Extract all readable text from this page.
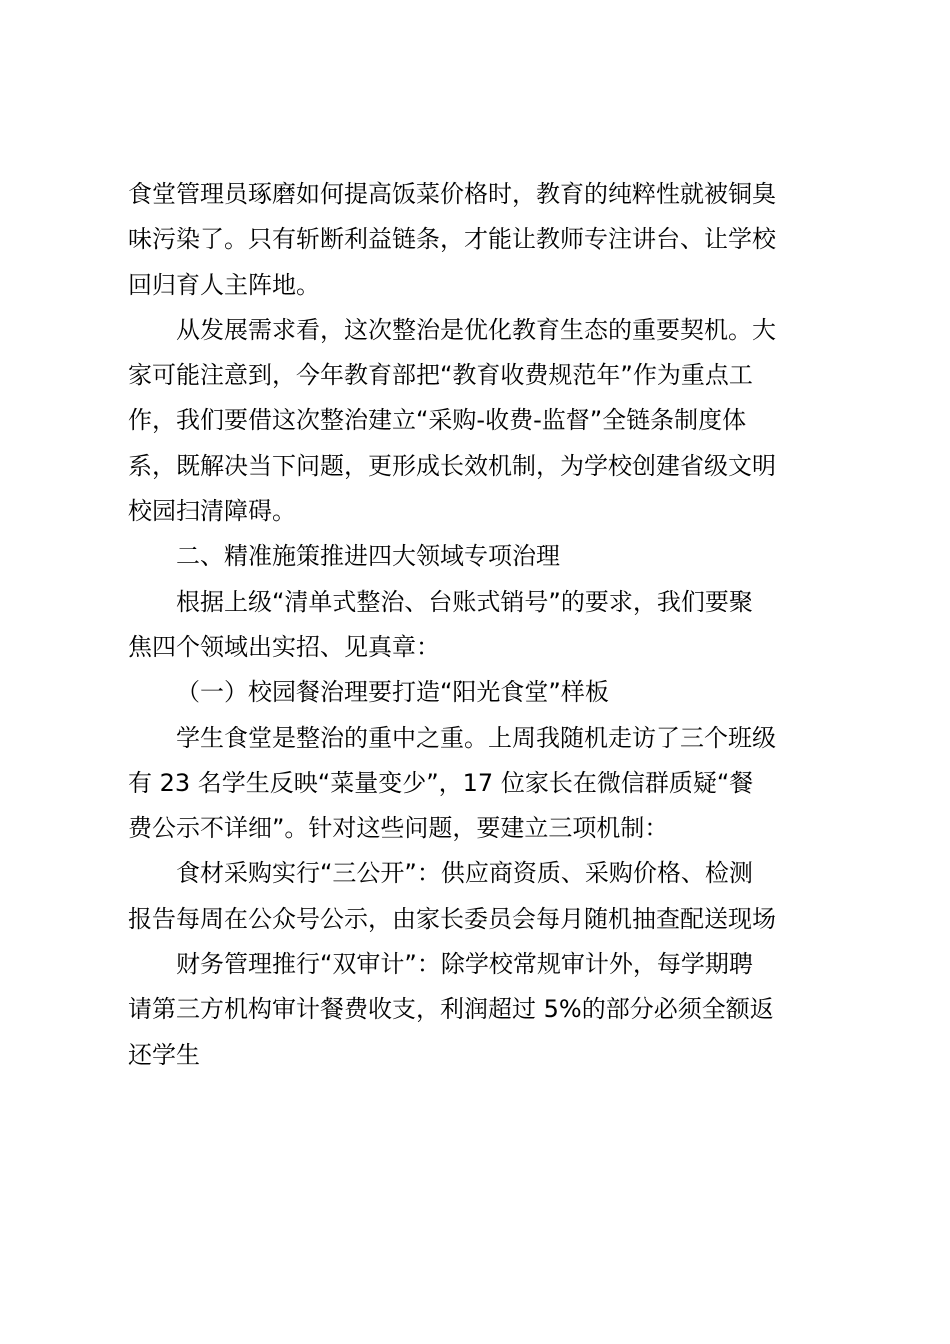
食堂管理员琢磨如何提高饭菜价格时，教育的纯粹性就被铜臭
味污染了。只有斩断利益链条，才能让教师专注讲台、让学校
回归育人主阵地。
从发展需求看，这次整治是优化教育生态的重要契机。大
家可能注意到，今年教育部把“教育收费规范年”作为重点工
作，我们要借这次整治建立“采购-收费-监督”全链条制度体
系，既解决当下问题，更形成长效机制，为学校创建省级文明
校园扫清障碍。
二、精准施策推进四大领域专项治理
根据上级“清单式整治、台账式销号”的要求，我们要聚
焦四个领域出实招、见真章：
（一）校园餐治理要打造“阳光食堂”样板
学生食堂是整治的重中之重。上周我随机走访了三个班级
有 23 名学生反映“菜量变少”，17 位家长在微信群质疑“餐
费公示不详细”。针对这些问题，要建立三项机制：
食材采购实行“三公开”：供应商资质、采购价格、检测
报告每周在公众号公示，由家长委员会每月随机抽查配送现场
财务管理推行“双审计”：除学校常规审计外，每学期聘
请第三方机构审计餐费收支，利润超过 5%的部分必须全额返
还学生
